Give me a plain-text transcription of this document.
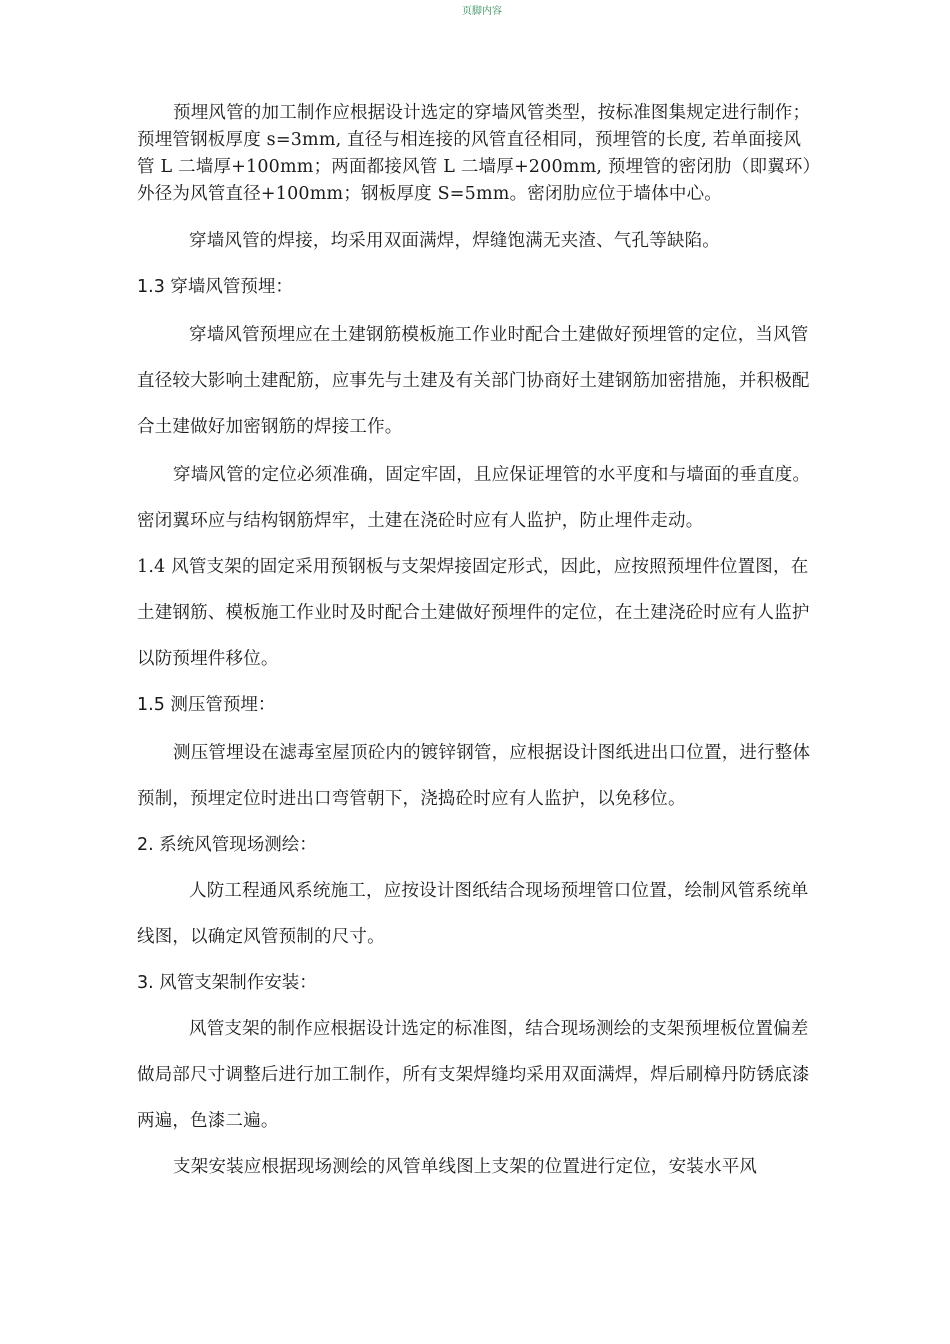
页脚内容

预埋风管的加工制作应根据设计选定的穿墙风管类型，按标准图集规定进行制作；预埋管钢板厚度 s=3mm, 直径与相连接的风管直径相同，预埋管的长度, 若单面接风管 L 二墙厚+100mm；两面都接风管 L 二墙厚+200mm, 预埋管的密闭肋（即翼环）外径为风管直径+100mm；钢板厚度 S=5mm。密闭肋应位于墙体中心。

穿墙风管的焊接，均采用双面满焊，焊缝饱满无夹渣、气孔等缺陷。

1.3 穿墙风管预埋：

穿墙风管预埋应在土建钢筋模板施工作业时配合土建做好预埋管的定位，当风管直径较大影响土建配筋，应事先与土建及有关部门协商好土建钢筋加密措施，并积极配合土建做好加密钢筋的焊接工作。

穿墙风管的定位必须准确，固定牢固，且应保证埋管的水平度和与墙面的垂直度。密闭翼环应与结构钢筋焊牢，土建在浇砼时应有人监护，防止埋件走动。

1.4 风管支架的固定采用预钢板与支架焊接固定形式，因此，应按照预埋件位置图，在土建钢筋、模板施工作业时及时配合土建做好预埋件的定位，在土建浇砼时应有人监护以防预埋件移位。

1.5 测压管预埋：

测压管埋设在滤毒室屋顶砼内的镀锌钢管，应根据设计图纸进出口位置，进行整体预制，预埋定位时进出口弯管朝下，浇捣砼时应有人监护，以免移位。

2. 系统风管现场测绘：

人防工程通风系统施工，应按设计图纸结合现场预埋管口位置，绘制风管系统单线图，以确定风管预制的尺寸。

3. 风管支架制作安装：

风管支架的制作应根据设计选定的标准图，结合现场测绘的支架预埋板位置偏差做局部尺寸调整后进行加工制作，所有支架焊缝均采用双面满焊，焊后刷樟丹防锈底漆两遍，色漆二遍。

支架安装应根据现场测绘的风管单线图上支架的位置进行定位，安装水平风
